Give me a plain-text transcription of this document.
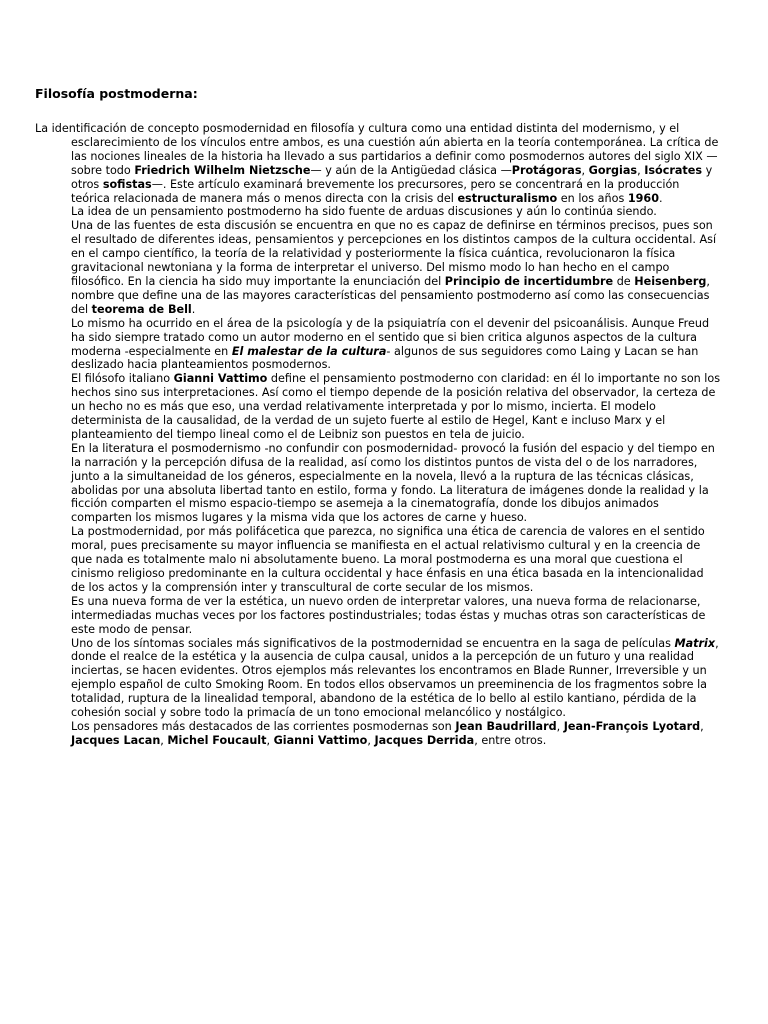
Filosofía postmoderna:

La identificación de concepto posmodernidad en filosofía y cultura como una entidad distinta del modernismo, y el esclarecimiento de los vínculos entre ambos, es una cuestión aún abierta en la teoría contemporánea. La crítica de las nociones lineales de la historia ha llevado a sus partidarios a definir como posmodernos autores del siglo XIX —sobre todo Friedrich Wilhelm Nietzsche— y aún de la Antigüedad clásica —Protágoras, Gorgias, Isócrates y otros sofistas—. Este artículo examinará brevemente los precursores, pero se concentrará en la producción teórica relacionada de manera más o menos directa con la crisis del estructuralismo en los años 1960.

La idea de un pensamiento postmoderno ha sido fuente de arduas discusiones y aún lo continúa siendo.

Una de las fuentes de esta discusión se encuentra en que no es capaz de definirse en términos precisos, pues son el resultado de diferentes ideas, pensamientos y percepciones en los distintos campos de la cultura occidental. Así en el campo científico, la teoría de la relatividad y posteriormente la física cuántica, revolucionaron la física gravitacional newtoniana y la forma de interpretar el universo. Del mismo modo lo han hecho en el campo filosófico. En la ciencia ha sido muy importante la enunciación del Principio de incertidumbre de Heisenberg, nombre que define una de las mayores características del pensamiento postmoderno así como las consecuencias del teorema de Bell.

Lo mismo ha ocurrido en el área de la psicología y de la psiquiatría con el devenir del psicoanálisis. Aunque Freud ha sido siempre tratado como un autor moderno en el sentido que si bien critica algunos aspectos de la cultura moderna -especialmente en El malestar de la cultura- algunos de sus seguidores como Laing y Lacan se han deslizado hacia planteamientos posmodernos.

El filósofo italiano Gianni Vattimo define el pensamiento postmoderno con claridad: en él lo importante no son los hechos sino sus interpretaciones. Así como el tiempo depende de la posición relativa del observador, la certeza de un hecho no es más que eso, una verdad relativamente interpretada y por lo mismo, incierta. El modelo determinista de la causalidad, de la verdad de un sujeto fuerte al estilo de Hegel, Kant e incluso Marx y el planteamiento del tiempo lineal como el de Leibniz son puestos en tela de juicio.

En la literatura el posmodernismo -no confundir con posmodernidad- provocó la fusión del espacio y del tiempo en la narración y la percepción difusa de la realidad, así como los distintos puntos de vista del o de los narradores, junto a la simultaneidad de los géneros, especialmente en la novela, llevó a la ruptura de las técnicas clásicas, abolidas por una absoluta libertad tanto en estilo, forma y fondo. La literatura de imágenes donde la realidad y la ficción comparten el mismo espacio-tiempo se asemeja a la cinematografía, donde los dibujos animados comparten los mismos lugares y la misma vida que los actores de carne y hueso.

La postmodernidad, por más polifácetica que parezca, no significa una ética de carencia de valores en el sentido moral, pues precisamente su mayor influencia se manifiesta en el actual relativismo cultural y en la creencia de que nada es totalmente malo ni absolutamente bueno. La moral postmoderna es una moral que cuestiona el cinismo religioso predominante en la cultura occidental y hace énfasis en una ética basada en la intencionalidad de los actos y la comprensión inter y transcultural de corte secular de los mismos.

Es una nueva forma de ver la estética, un nuevo orden de interpretar valores, una nueva forma de relacionarse, intermediadas muchas veces por los factores postindustriales; todas éstas y muchas otras son características de este modo de pensar.

Uno de los síntomas sociales más significativos de la postmodernidad se encuentra en la saga de películas Matrix, donde el realce de la estética y la ausencia de culpa causal, unidos a la percepción de un futuro y una realidad inciertas, se hacen evidentes. Otros ejemplos más relevantes los encontramos en Blade Runner, Irreversible y un ejemplo español de culto Smoking Room. En todos ellos observamos un preeminencia de los fragmentos sobre la totalidad, ruptura de la linealidad temporal, abandono de la estética de lo bello al estilo kantiano, pérdida de la cohesión social y sobre todo la primacía de un tono emocional melancólico y nostálgico.

Los pensadores más destacados de las corrientes posmodernas son Jean Baudrillard, Jean-François Lyotard, Jacques Lacan, Michel Foucault, Gianni Vattimo, Jacques Derrida, entre otros.
